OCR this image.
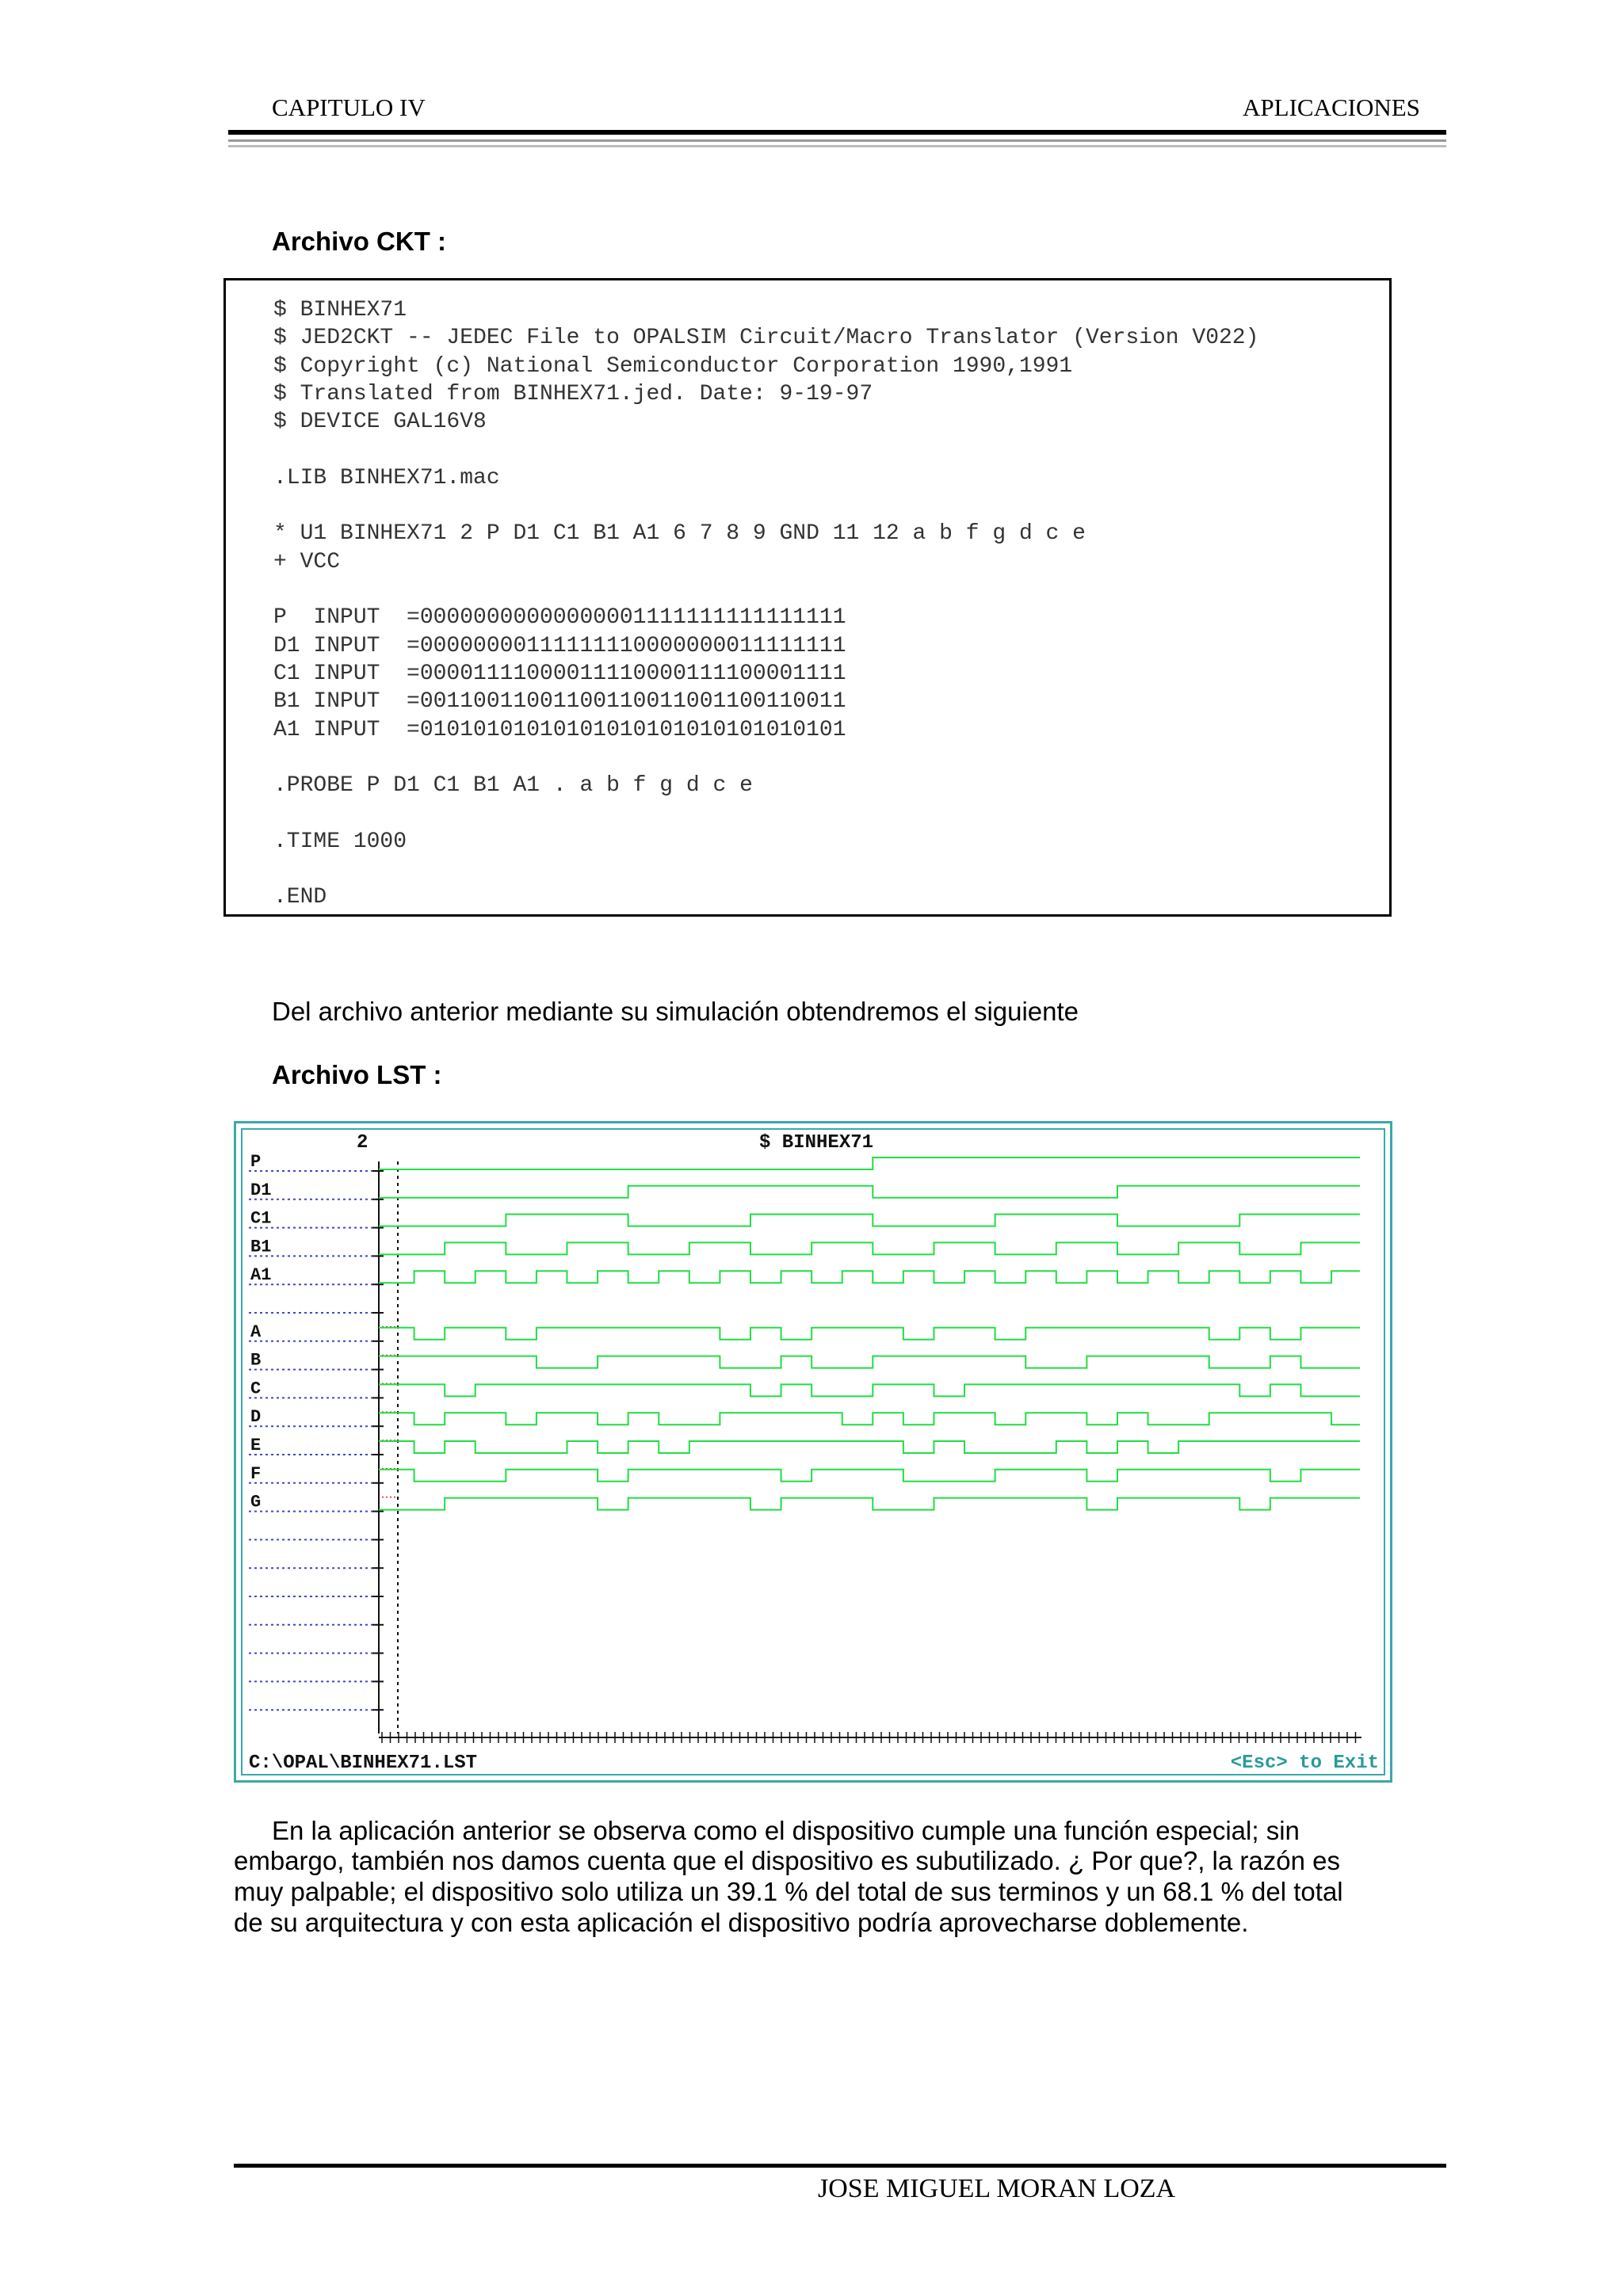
CAPITULO IV	APLICACIONES
Archivo CKT :
$ BINHEX71
$ JED2CKT -- JEDEC File to OPALSIM Circuit/Macro Translator (Version V022)
$ Copyright (c) National Semiconductor Corporation 1990,1991
$ Translated from BINHEX71.jed. Date: 9-19-97
$ DEVICE GAL16V8
.LIB BINHEX71.mac
* U1 BINHEX71 2 P D1 C1 B1 A1 6 7 8 9 GND 11 12 a b f g d c e
+ VCC
P  INPUT  =00000000000000001111111111111111
D1 INPUT  =00000000111111110000000011111111
C1 INPUT  =00001111000011110000111100001111
B1 INPUT  =00110011001100110011001100110011
A1 INPUT  =01010101010101010101010101010101
.PROBE P D1 C1 B1 A1 . a b f g d c e
.TIME 1000
.END
Del archivo anterior mediante su simulación obtendremos el siguiente
Archivo LST :
2	$ BINHEX71
C:\OPAL\BINHEX71.LST	<Esc> to Exit
P
D1
C1
B1
A1
A
B
C
D
E
F
G
En la aplicación anterior se observa como el dispositivo cumple una función especial; sin
embargo, también nos damos cuenta que el dispositivo es subutilizado. ¿ Por que?, la razón es
muy palpable; el dispositivo solo utiliza un 39.1 % del total de sus terminos y un 68.1 % del total
de su arquitectura y con esta aplicación el dispositivo podría aprovecharse doblemente.
JOSE MIGUEL MORAN LOZA
